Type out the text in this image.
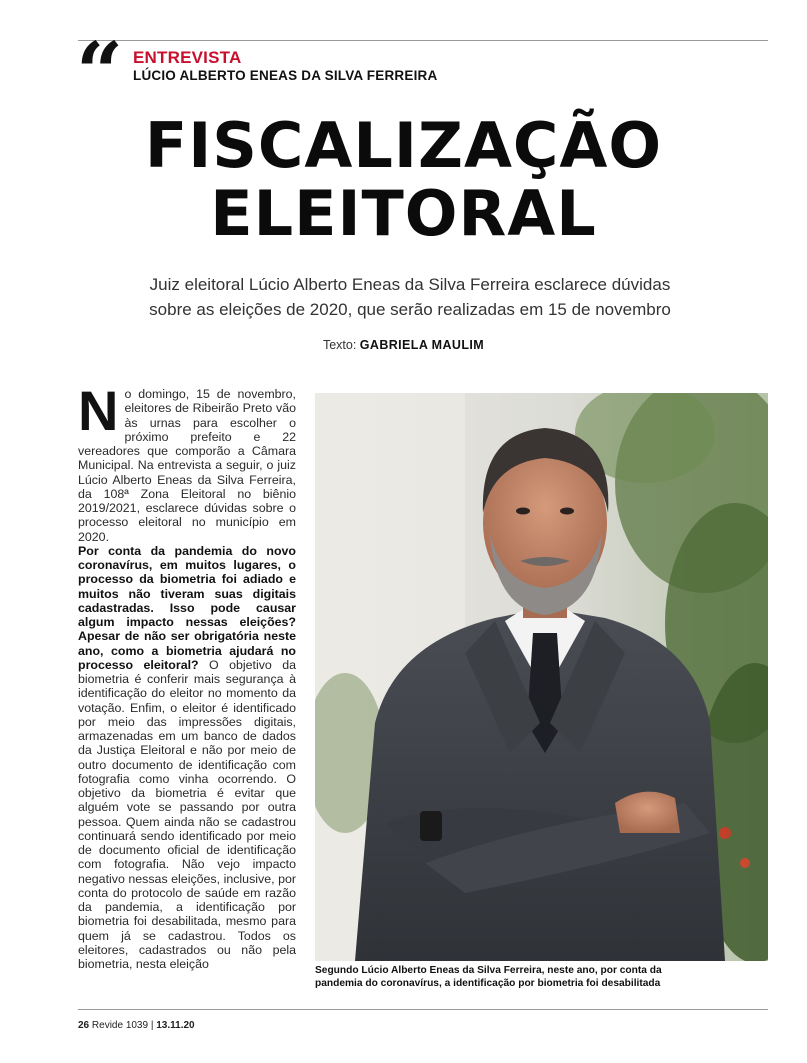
“ ENTREVISTA
LÚCIO ALBERTO ENEAS DA SILVA FERREIRA
FISCALIZAÇÃO
ELEITORAL
Juiz eleitoral Lúcio Alberto Eneas da Silva Ferreira esclarece dúvidas
sobre as eleições de 2020, que serão realizadas em 15 de novembro
Texto: GABRIELA MAULIM

No domingo, 15 de novembro, eleitores de Ribeirão Preto vão às urnas para escolher o próximo prefeito e 22 vereadores que comporão a Câmara Municipal. Na entrevista a seguir, o juiz Lúcio Alberto Eneas da Silva Ferreira, da 108ª Zona Eleitoral no biênio 2019/2021, esclarece dúvidas sobre o processo eleitoral no município em 2020.

Por conta da pandemia do novo coronavírus, em muitos lugares, o processo da biometria foi adiado e muitos não tiveram suas digitais cadastradas. Isso pode causar algum impacto nessas eleições? Apesar de não ser obrigatória neste ano, como a biometria ajudará no processo eleitoral? O objetivo da biometria é conferir mais segurança à identificação do eleitor no momento da votação. Enfim, o eleitor é identificado por meio das impressões digitais, armazenadas em um banco de dados da Justiça Eleitoral e não por meio de outro documento de identificação com fotografia como vinha ocorrendo. O objetivo da biometria é evitar que alguém vote se passando por outra pessoa. Quem ainda não se cadastrou continuará sendo identificado por meio de documento oficial de identificação com fotografia. Não vejo impacto negativo nessas eleições, inclusive, por conta do protocolo de saúde em razão da pandemia, a identificação por biometria foi desabilitada, mesmo para quem já se cadastrou. Todos os eleitores, cadastrados ou não pela biometria, nesta eleição	Segundo Lúcio Alberto Eneas da Silva Ferreira, neste ano, por conta da
pandemia do coronavírus, a identificação por biometria foi desabilitada
26 Revide 1039 | 13.11.20
